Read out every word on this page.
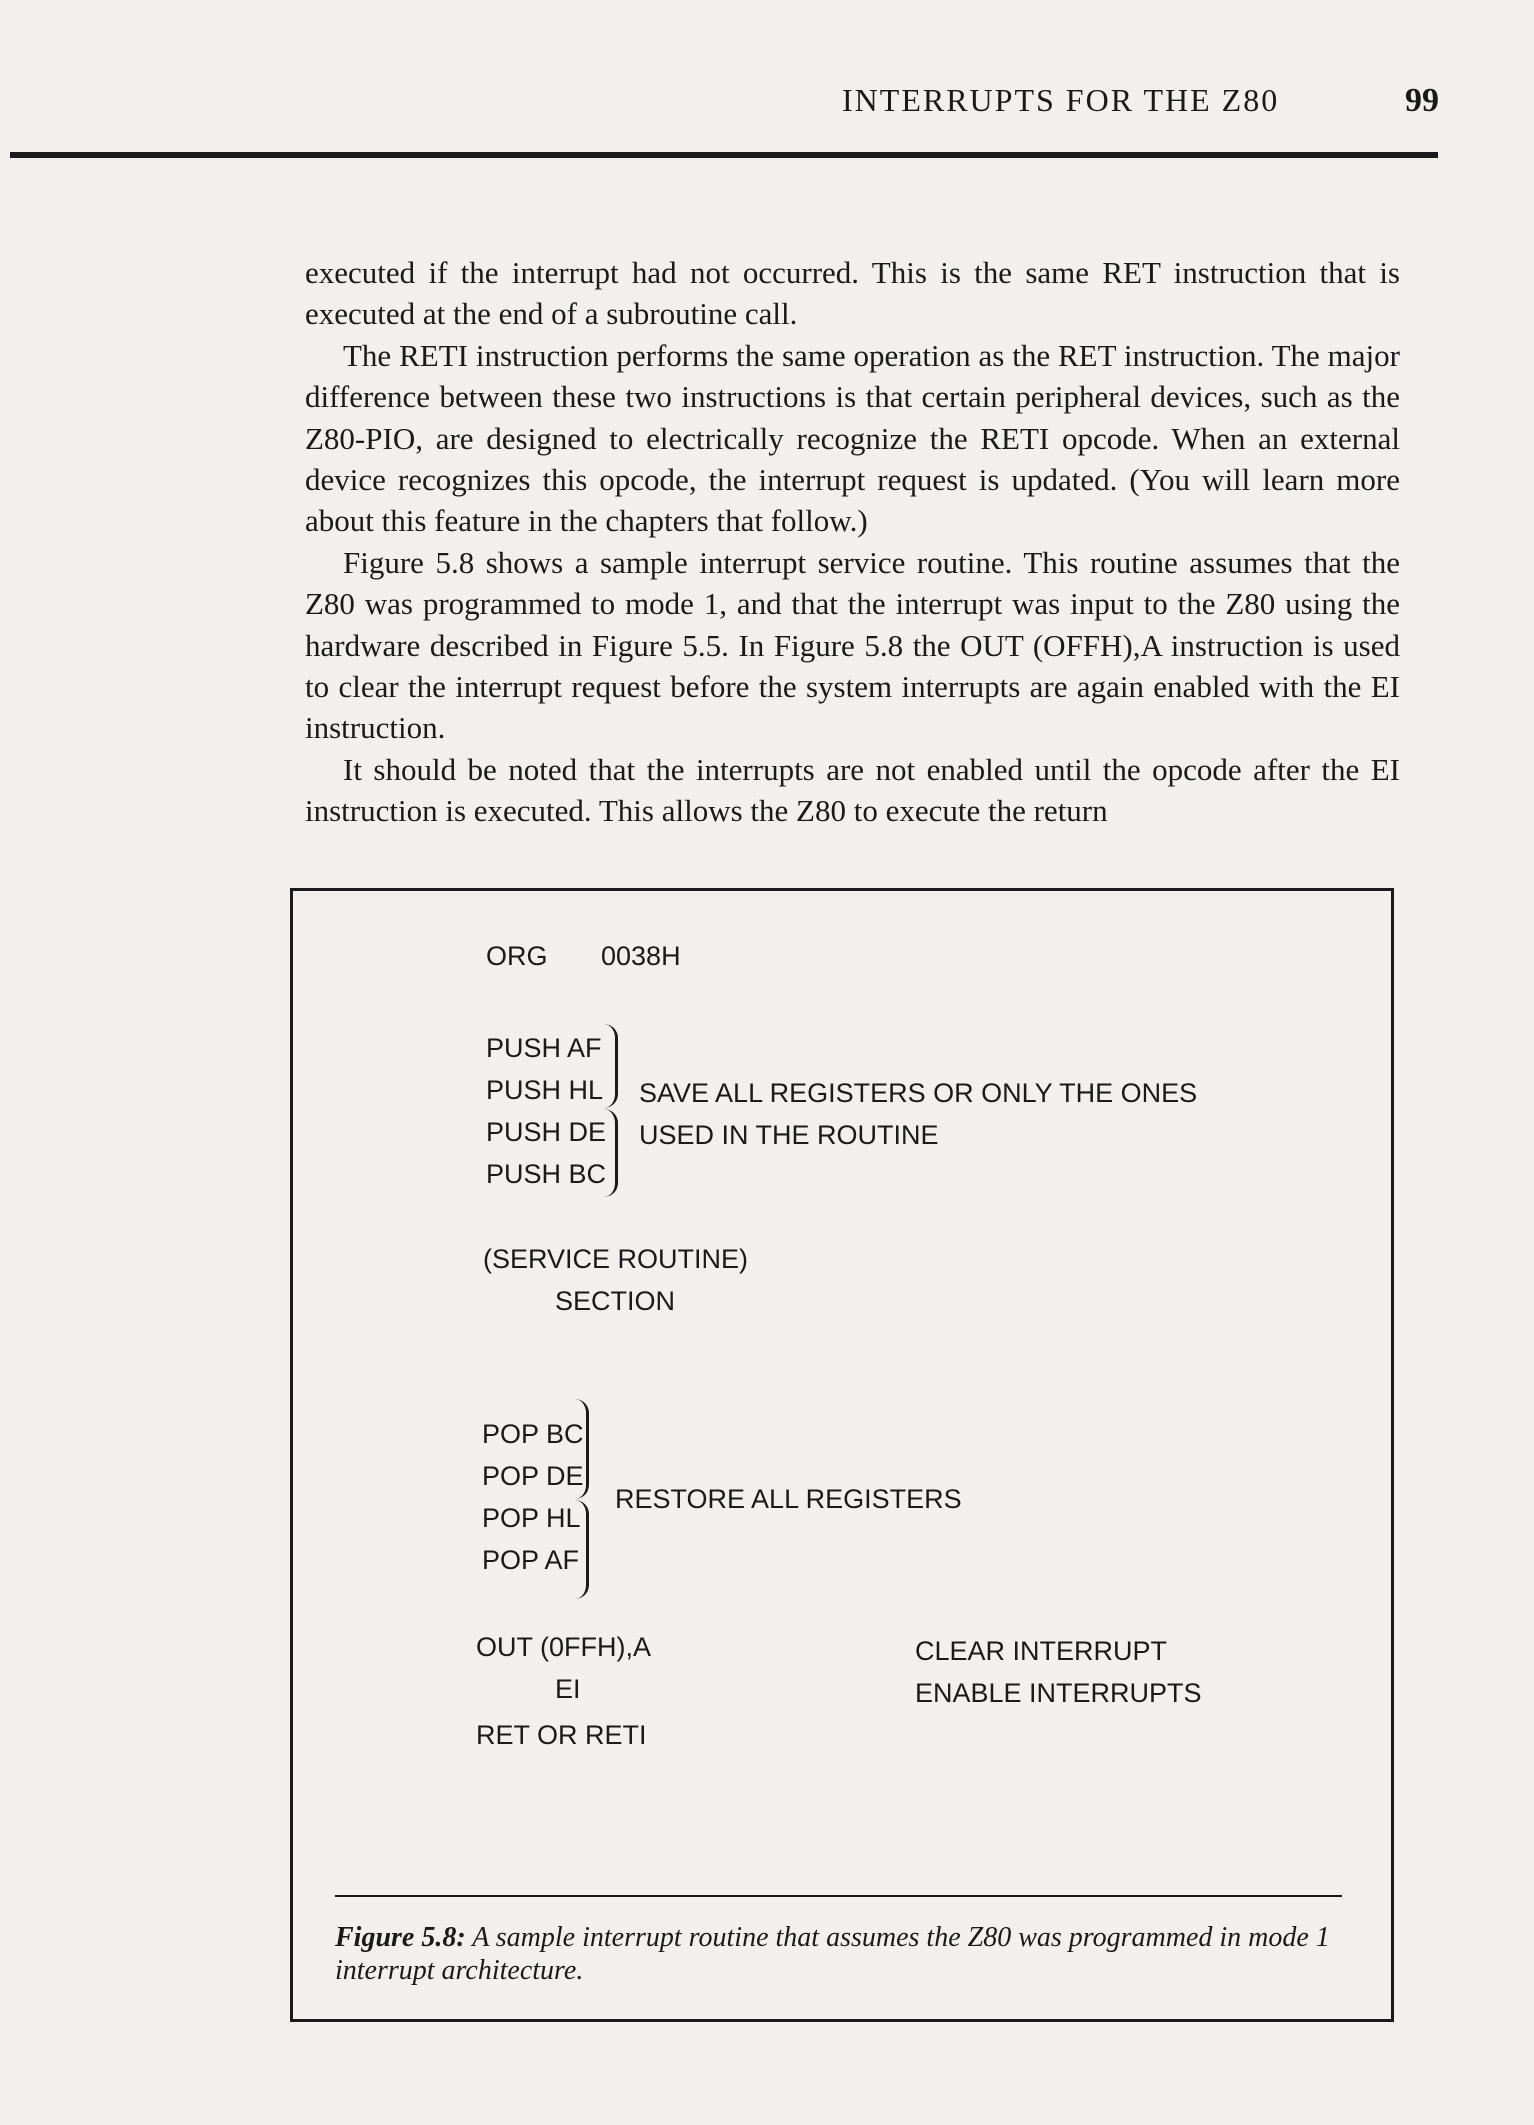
INTERRUPTS FOR THE Z80	99

executed if the interrupt had not occurred. This is the same RET instruction that is executed at the end of a subroutine call.

The RETI instruction performs the same operation as the RET instruction. The major difference between these two instructions is that certain peripheral devices, such as the Z80-PIO, are designed to electrically recognize the RETI opcode. When an external device recognizes this opcode, the interrupt request is updated. (You will learn more about this feature in the chapters that follow.)

Figure 5.8 shows a sample interrupt service routine. This routine assumes that the Z80 was programmed to mode 1, and that the interrupt was input to the Z80 using the hardware described in Figure 5.5. In Figure 5.8 the OUT (OFFH),A instruction is used to clear the interrupt request before the system interrupts are again enabled with the EI instruction.

It should be noted that the interrupts are not enabled until the opcode after the EI instruction is executed. This allows the Z80 to execute the return

ORG 0038H
PUSH AF
PUSH HL
PUSH DE
PUSH BC
SAVE ALL REGISTERS OR ONLY THE ONES
USED IN THE ROUTINE
(SERVICE ROUTINE)
SECTION
POP BC
POP DE
POP HL
POP AF
RESTORE ALL REGISTERS
OUT (0FFH),A	CLEAR INTERRUPT
EI	ENABLE INTERRUPTS
RET OR RETI
Figure 5.8: A sample interrupt routine that assumes the Z80 was programmed in mode 1 interrupt architecture.
